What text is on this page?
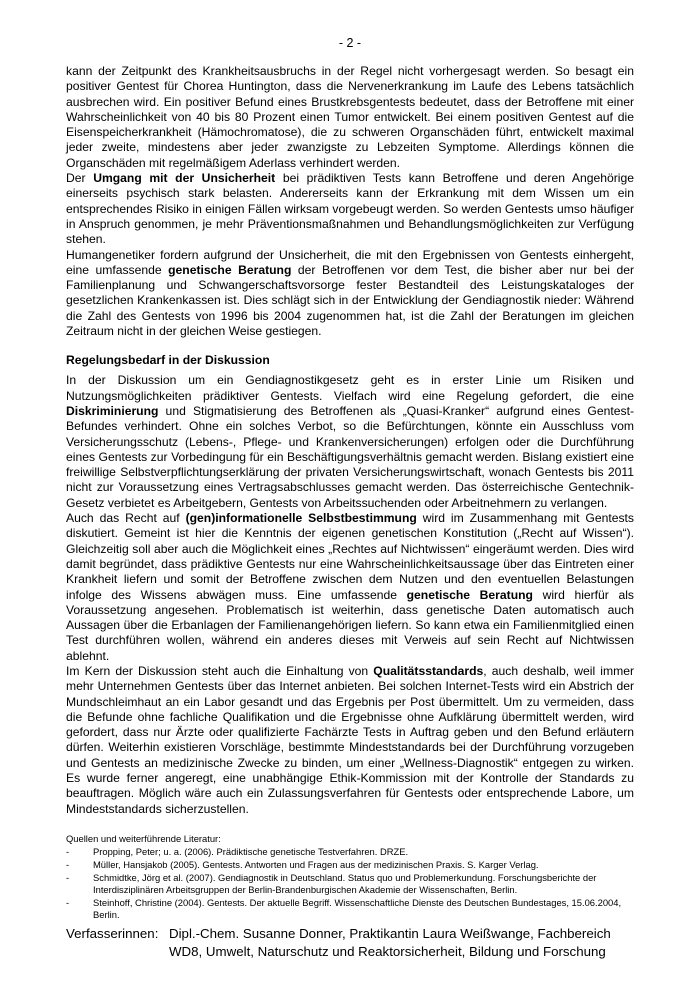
- 2 -

kann der Zeitpunkt des Krankheitsausbruchs in der Regel nicht vorhergesagt werden. So besagt ein positiver Gentest für Chorea Huntington, dass die Nervenerkrankung im Laufe des Lebens tatsächlich ausbrechen wird. Ein positiver Befund eines Brustkrebsgentests bedeutet, dass der Betroffene mit einer Wahrscheinlichkeit von 40 bis 80 Prozent einen Tumor entwickelt. Bei einem positiven Gentest auf die Eisenspeicherkrankheit (Hämochromatose), die zu schweren Organschäden führt, entwickelt maximal jeder zweite, mindestens aber jeder zwanzigste zu Lebzeiten Symptome. Allerdings können die Organschäden mit regelmäßigem Aderlass verhindert werden.

Der Umgang mit der Unsicherheit bei prädiktiven Tests kann Betroffene und deren Angehörige einerseits psychisch stark belasten. Andererseits kann der Erkrankung mit dem Wissen um ein entsprechendes Risiko in einigen Fällen wirksam vorgebeugt werden. So werden Gentests umso häufiger in Anspruch genommen, je mehr Präventionsmaßnahmen und Behandlungsmöglichkeiten zur Verfügung stehen.

Humangenetiker fordern aufgrund der Unsicherheit, die mit den Ergebnissen von Gentests einhergeht, eine umfassende genetische Beratung der Betroffenen vor dem Test, die bisher aber nur bei der Familienplanung und Schwangerschaftsvorsorge fester Bestandteil des Leistungskataloges der gesetzlichen Krankenkassen ist. Dies schlägt sich in der Entwicklung der Gendiagnostik nieder: Während die Zahl des Gentests von 1996 bis 2004 zugenommen hat, ist die Zahl der Beratungen im gleichen Zeitraum nicht in der gleichen Weise gestiegen.

Regelungsbedarf in der Diskussion

In der Diskussion um ein Gendiagnostikgesetz geht es in erster Linie um Risiken und Nutzungsmöglichkeiten prädiktiver Gentests. Vielfach wird eine Regelung gefordert, die eine Diskriminierung und Stigmatisierung des Betroffenen als „Quasi-Kranker“ aufgrund eines Gentest-Befundes verhindert. Ohne ein solches Verbot, so die Befürchtungen, könnte ein Ausschluss vom Versicherungsschutz (Lebens-, Pflege- und Krankenversicherungen) erfolgen oder die Durchführung eines Gentests zur Vorbedingung für ein Beschäftigungsverhältnis gemacht werden. Bislang existiert eine freiwillige Selbstverpflichtungserklärung der privaten Versicherungswirtschaft, wonach Gentests bis 2011 nicht zur Voraussetzung eines Vertragsabschlusses gemacht werden. Das österreichische Gentechnik-Gesetz verbietet es Arbeitgebern, Gentests von Arbeitssuchenden oder Arbeitnehmern zu verlangen.

Auch das Recht auf (gen)informationelle Selbstbestimmung wird im Zusammenhang mit Gentests diskutiert. Gemeint ist hier die Kenntnis der eigenen genetischen Konstitution („Recht auf Wissen“). Gleichzeitig soll aber auch die Möglichkeit eines „Rechtes auf Nichtwissen“ eingeräumt werden. Dies wird damit begründet, dass prädiktive Gentests nur eine Wahrscheinlichkeitsaussage über das Eintreten einer Krankheit liefern und somit der Betroffene zwischen dem Nutzen und den eventuellen Belastungen infolge des Wissens abwägen muss. Eine umfassende genetische Beratung wird hierfür als Voraussetzung angesehen. Problematisch ist weiterhin, dass genetische Daten automatisch auch Aussagen über die Erbanlagen der Familienangehörigen liefern. So kann etwa ein Familienmitglied einen Test durchführen wollen, während ein anderes dieses mit Verweis auf sein Recht auf Nichtwissen ablehnt.

Im Kern der Diskussion steht auch die Einhaltung von Qualitätsstandards, auch deshalb, weil immer mehr Unternehmen Gentests über das Internet anbieten. Bei solchen Internet-Tests wird ein Abstrich der Mundschleimhaut an ein Labor gesandt und das Ergebnis per Post übermittelt. Um zu vermeiden, dass die Befunde ohne fachliche Qualifikation und die Ergebnisse ohne Aufklärung übermittelt werden, wird gefordert, dass nur Ärzte oder qualifizierte Fachärzte Tests in Auftrag geben und den Befund erläutern dürfen. Weiterhin existieren Vorschläge, bestimmte Mindeststandards bei der Durchführung vorzugeben und Gentests an medizinische Zwecke zu binden, um einer „Wellness-Diagnostik“ entgegen zu wirken. Es wurde ferner angeregt, eine unabhängige Ethik-Kommission mit der Kontrolle der Standards zu beauftragen. Möglich wäre auch ein Zulassungsverfahren für Gentests oder entsprechende Labore, um Mindeststandards sicherzustellen.

Quellen und weiterführende Literatur:

- Propping, Peter; u. a. (2006). Prädiktische genetische Testverfahren. DRZE.
- Müller, Hansjakob (2005). Gentests. Antworten und Fragen aus der medizinischen Praxis. S. Karger Verlag.
- Schmidtke, Jörg et al. (2007). Gendiagnostik in Deutschland. Status quo und Problemerkundung. Forschungsberichte der Interdisziplinären Arbeitsgruppen der Berlin-Brandenburgischen Akademie der Wissenschaften, Berlin.
- Steinhoff, Christine (2004). Gentests. Der aktuelle Begriff. Wissenschaftliche Dienste des Deutschen Bundestages, 15.06.2004, Berlin.
Verfasserinnen: Dipl.-Chem. Susanne Donner, Praktikantin Laura Weißwange, Fachbereich WD8, Umwelt, Naturschutz und Reaktorsicherheit, Bildung und Forschung
